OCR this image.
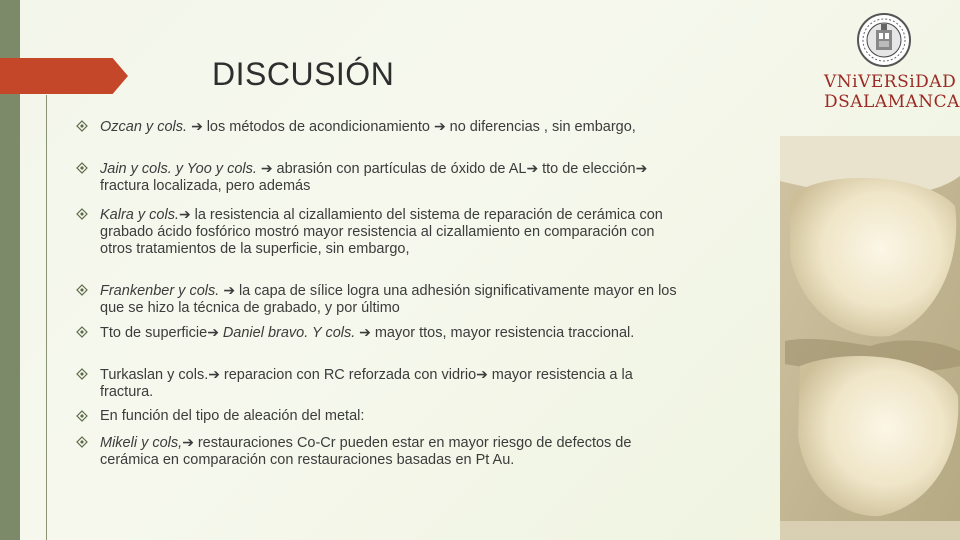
DISCUSIÓN	VNiVERSiDAD
DSALAMANCA
Ozcan y cols. ➔ los métodos de acondicionamiento ➔ no diferencias , sin embargo,
Jain y cols. y Yoo y cols. ➔ abrasión con partículas de óxido de AL➔ tto de elección➔ fractura localizada, pero además
Kalra y cols.➔ la resistencia al cizallamiento del sistema de reparación de cerámica con grabado ácido fosfórico mostró mayor resistencia al cizallamiento en comparación con otros tratamientos de la superficie, sin embargo,
Frankenber y cols. ➔ la capa de sílice logra una adhesión significativamente mayor en los que se hizo la técnica de grabado, y por último
Tto de superficie➔ Daniel bravo. Y cols. ➔ mayor ttos, mayor resistencia traccional.
Turkaslan y cols.➔ reparacion con RC reforzada con vidrio➔ mayor resistencia a la fractura.
En función del tipo de aleación del metal:
Mikeli y cols,➔ restauraciones Co-Cr pueden estar en mayor riesgo de defectos de cerámica en comparación con restauraciones basadas en Pt Au.
